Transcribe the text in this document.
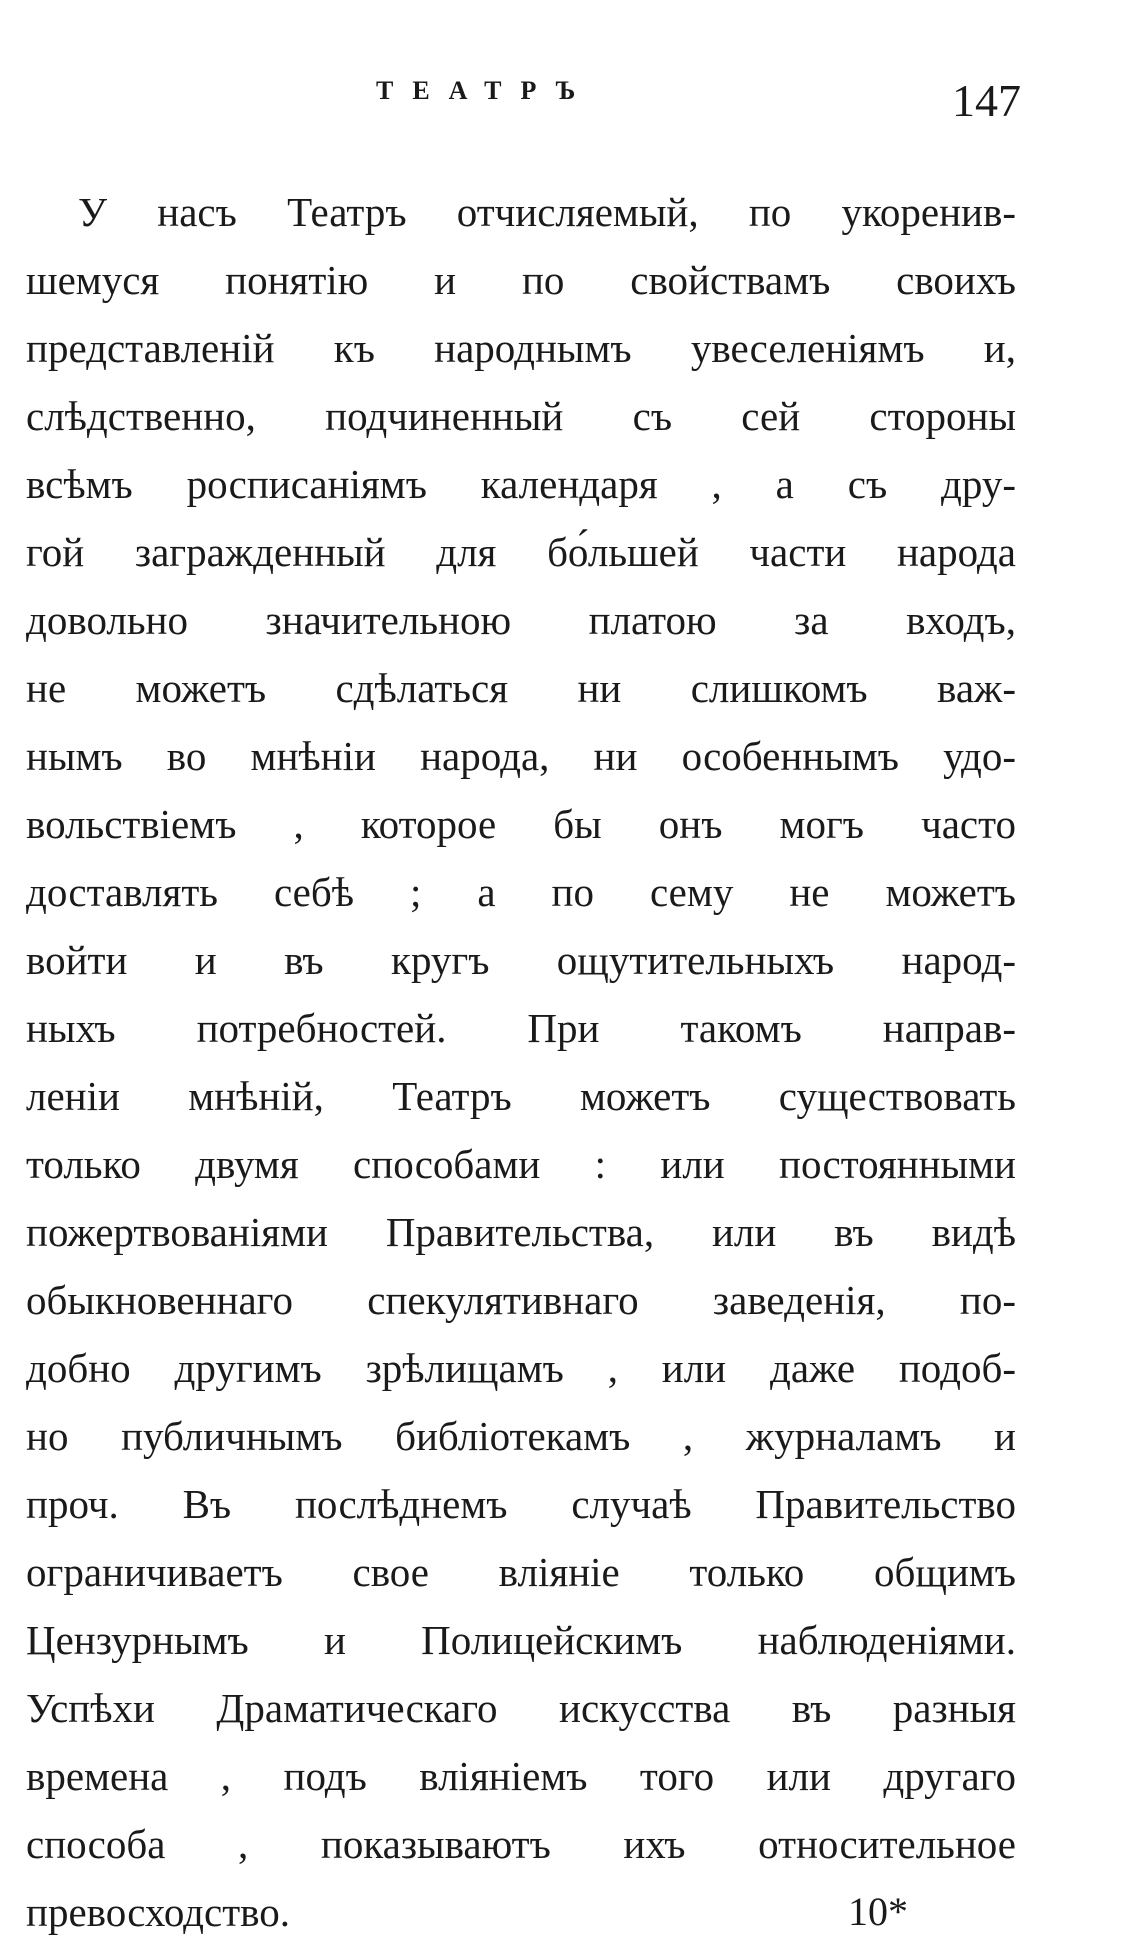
ТЕАТРЪ	147
У насъ Театръ отчисляемый, по укоренив-
шемуся понятію и по свойствамъ своихъ
представленій къ народнымъ увеселеніямъ и,
слѣдственно, подчиненный съ сей стороны
всѣмъ росписаніямъ календаря , а съ дру-
гой загражденный для бо́льшей части народа
довольно значительною платою за входъ,
не можетъ сдѣлаться ни слишкомъ важ-
нымъ во мнѣніи народа, ни особеннымъ удо-
вольствіемъ , которое бы онъ могъ часто
доставлять себѣ ; а по сему не можетъ
войти и въ кругъ ощутительныхъ народ-
ныхъ потребностей. При такомъ направ-
леніи мнѣній, Театръ можетъ существовать
только двумя способами : или постоянными
пожертвованіями Правительства, или въ видѣ
обыкновеннаго спекулятивнаго заведенія, по-
добно другимъ зрѣлищамъ , или даже подоб-
но публичнымъ библіотекамъ , журналамъ и
проч. Въ послѣднемъ случаѣ Правительство
ограничиваетъ свое вліяніе только общимъ
Цензурнымъ и Полицейскимъ наблюденіями.
Успѣхи Драматическаго искусства въ разныя
времена , подъ вліяніемъ того или другаго
способа , показываютъ ихъ относительное
превосходство.	10*
